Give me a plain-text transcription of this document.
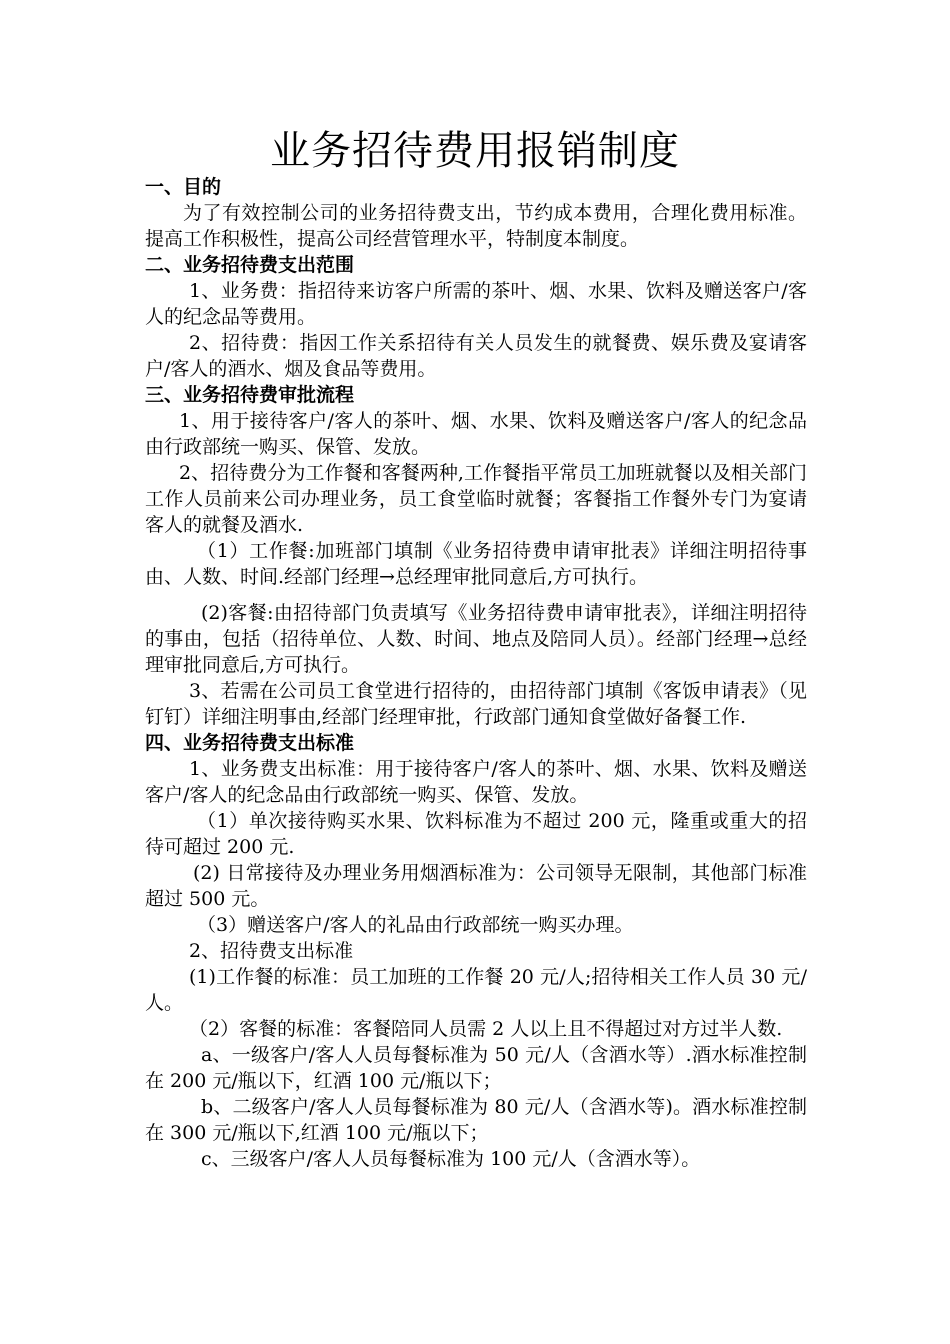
业务招待费用报销制度

一、目的

为了有效控制公司的业务招待费支出，节约成本费用，合理化费用标准。提高工作积极性，提高公司经营管理水平，特制度本制度。

二、业务招待费支出范围

1、业务费：指招待来访客户所需的茶叶、烟、水果、饮料及赠送客户/客人的纪念品等费用。

2、招待费：指因工作关系招待有关人员发生的就餐费、娱乐费及宴请客户/客人的酒水、烟及食品等费用。

三、业务招待费审批流程

1、用于接待客户/客人的茶叶、烟、水果、饮料及赠送客户/客人的纪念品由行政部统一购买、保管、发放。

2、招待费分为工作餐和客餐两种,工作餐指平常员工加班就餐以及相关部门工作人员前来公司办理业务，员工食堂临时就餐；客餐指工作餐外专门为宴请客人的就餐及酒水.

（1）工作餐:加班部门填制《业务招待费申请审批表》详细注明招待事由、人数、时间.经部门经理→总经理审批同意后,方可执行。

(2)客餐:由招待部门负责填写《业务招待费申请审批表》，详细注明招待的事由，包括（招待单位、人数、时间、地点及陪同人员）。经部门经理→总经理审批同意后,方可执行。

3、若需在公司员工食堂进行招待的，由招待部门填制《客饭申请表》（见钉钉）详细注明事由,经部门经理审批，行政部门通知食堂做好备餐工作.

四、业务招待费支出标准

1、业务费支出标准：用于接待客户/客人的茶叶、烟、水果、饮料及赠送客户/客人的纪念品由行政部统一购买、保管、发放。

（1）单次接待购买水果、饮料标准为不超过 200 元，隆重或重大的招待可超过 200 元.

(2) 日常接待及办理业务用烟酒标准为：公司领导无限制，其他部门标准超过 500 元。

（3）赠送客户/客人的礼品由行政部统一购买办理。

2、招待费支出标准

(1)工作餐的标准：员工加班的工作餐 20 元/人;招待相关工作人员 30 元/人。

（2）客餐的标准：客餐陪同人员需 2 人以上且不得超过对方过半人数.

a、一级客户/客人人员每餐标准为 50 元/人（含酒水等）.酒水标准控制在 200 元/瓶以下，红酒 100 元/瓶以下；

b、二级客户/客人人员每餐标准为 80 元/人（含酒水等)。酒水标准控制在 300 元/瓶以下,红酒 100 元/瓶以下；

c、三级客户/客人人员每餐标准为 100 元/人（含酒水等）。
